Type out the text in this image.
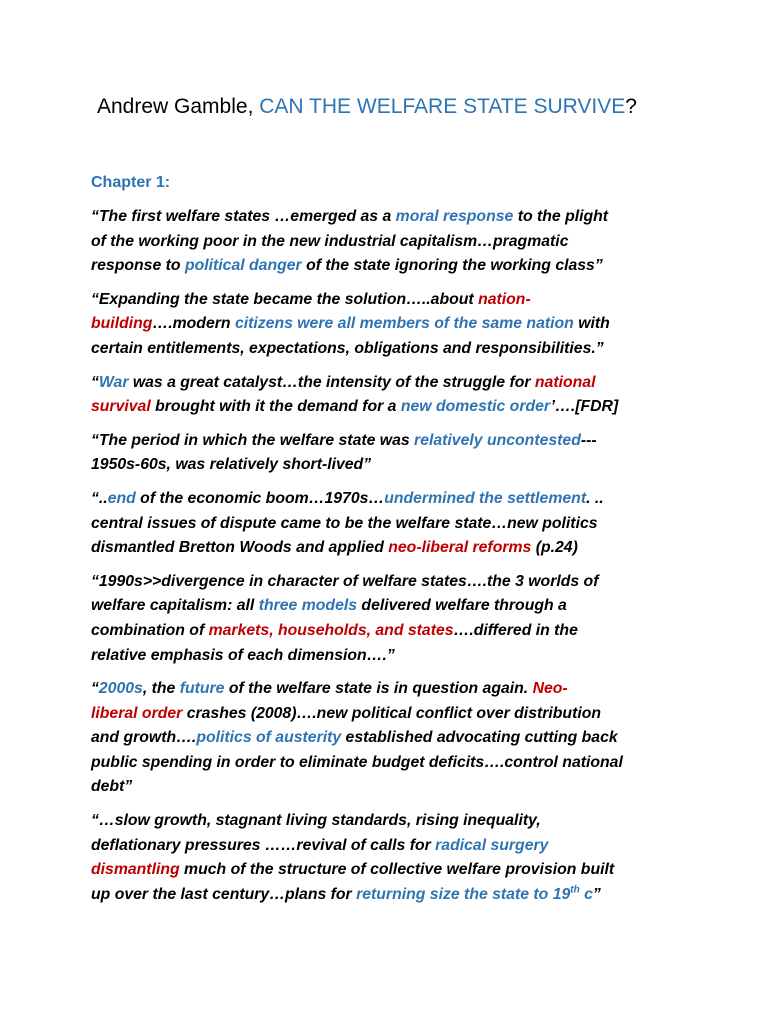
Andrew Gamble, CAN THE WELFARE STATE SURVIVE?
Chapter 1:

“The first welfare states …emerged as a moral response to the plight
of the working poor in the new industrial capitalism…pragmatic
response to political danger of the state ignoring the working class”

“Expanding the state became the solution…..about nation-
building….modern citizens were all members of the same nation with
certain entitlements, expectations, obligations and responsibilities.”

“War was a great catalyst…the intensity of the struggle for national
survival brought with it the demand for a new domestic order’….[FDR]

“The period in which the welfare state was relatively uncontested---
1950s-60s, was relatively short-lived”

“..end of the economic boom…1970s…undermined the settlement. ..
central issues of dispute came to be the welfare state…new politics
dismantled Bretton Woods and applied neo-liberal reforms (p.24)

“1990s>>divergence in character of welfare states….the 3 worlds of
welfare capitalism: all three models delivered welfare through a
combination of markets, households, and states….differed in the
relative emphasis of each dimension….”

“2000s, the future of the welfare state is in question again. Neo-
liberal order crashes (2008)….new political conflict over distribution
and growth….politics of austerity established advocating cutting back
public spending in order to eliminate budget deficits….control national
debt”

“…slow growth, stagnant living standards, rising inequality,
deflationary pressures ……revival of calls for radical surgery
dismantling much of the structure of collective welfare provision built
up over the last century…plans for returning size the state to 19th c”
